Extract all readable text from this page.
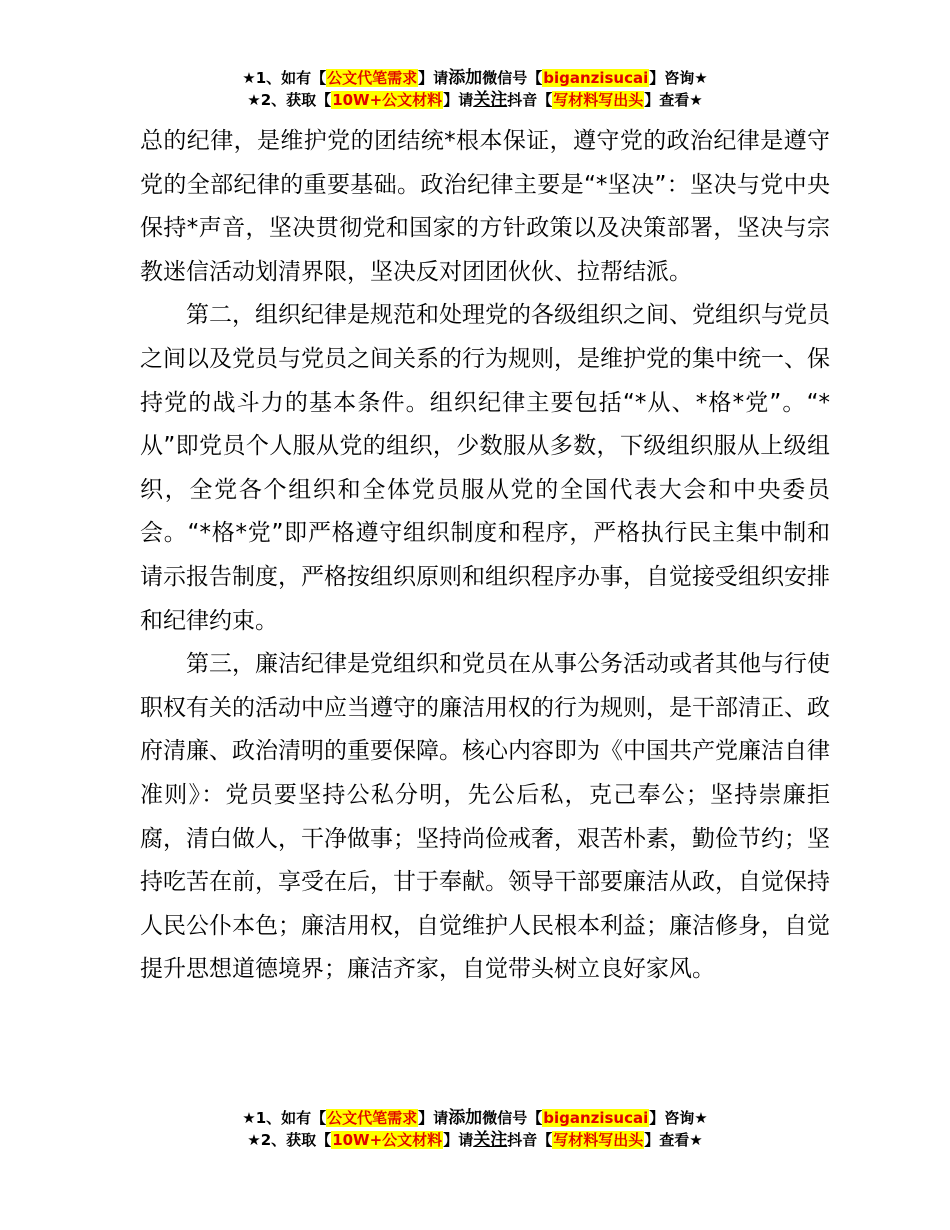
★1、如有【公文代笔需求】请添加微信号【biganzisucai】咨询★
★2、获取【10W+公文材料】请关注抖音【写材料写出头】查看★

总的纪律，是维护党的团结统*根本保证，遵守党的政治纪律是遵守党的全部纪律的重要基础。政治纪律主要是“*坚决”：坚决与党中央保持*声音，坚决贯彻党和国家的方针政策以及决策部署，坚决与宗教迷信活动划清界限，坚决反对团团伙伙、拉帮结派。

第二，组织纪律是规范和处理党的各级组织之间、党组织与党员之间以及党员与党员之间关系的行为规则，是维护党的集中统一、保持党的战斗力的基本条件。组织纪律主要包括“*从、*格*党”。“*从”即党员个人服从党的组织，少数服从多数，下级组织服从上级组织，全党各个组织和全体党员服从党的全国代表大会和中央委员会。“*格*党”即严格遵守组织制度和程序，严格执行民主集中制和请示报告制度，严格按组织原则和组织程序办事，自觉接受组织安排和纪律约束。

第三，廉洁纪律是党组织和党员在从事公务活动或者其他与行使职权有关的活动中应当遵守的廉洁用权的行为规则，是干部清正、政府清廉、政治清明的重要保障。核心内容即为《中国共产党廉洁自律准则》：党员要坚持公私分明，先公后私，克己奉公；坚持崇廉拒腐，清白做人，干净做事；坚持尚俭戒奢，艰苦朴素，勤俭节约；坚持吃苦在前，享受在后，甘于奉献。领导干部要廉洁从政，自觉保持人民公仆本色；廉洁用权，自觉维护人民根本利益；廉洁修身，自觉提升思想道德境界；廉洁齐家，自觉带头树立良好家风。

★1、如有【公文代笔需求】请添加微信号【biganzisucai】咨询★
★2、获取【10W+公文材料】请关注抖音【写材料写出头】查看★
